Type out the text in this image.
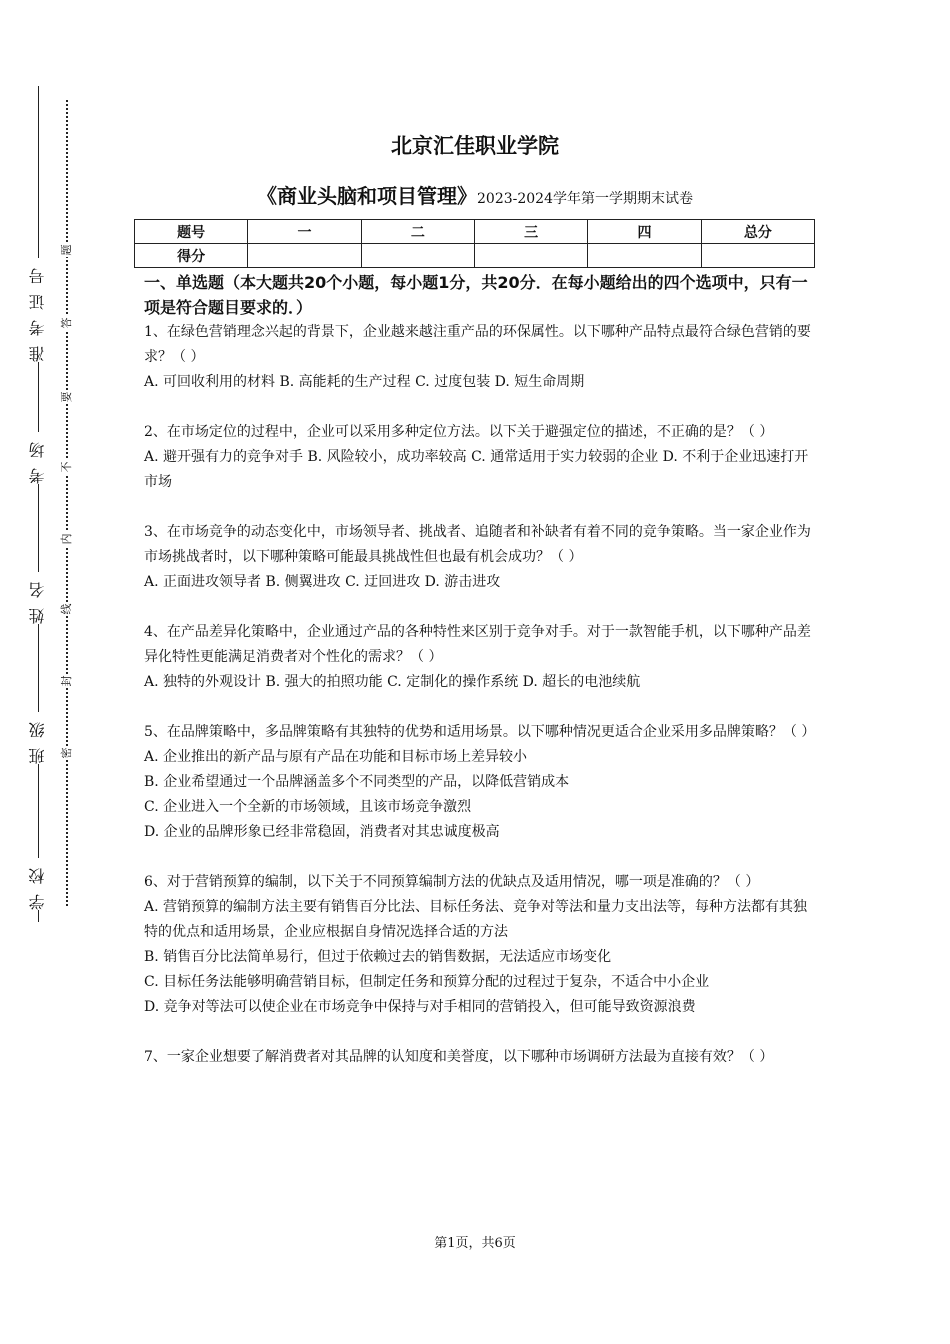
学校
班级
姓名
考场
准考证号
题
答
要
不
内
线
封
密
北京汇佳职业学院
《商业头脑和项目管理》2023-2024学年第一学期期末试卷
题号	一	二	三	四	总分
得分					
一、单选题（本大题共20个小题，每小题1分，共20分．在每小题给出的四个选项中，只有一项是符合题目要求的．）

1、在绿色营销理念兴起的背景下，企业越来越注重产品的环保属性。以下哪种产品特点最符合绿色营销的要求？（ ）

A. 可回收利用的材料 B. 高能耗的生产过程 C. 过度包装 D. 短生命周期

2、在市场定位的过程中，企业可以采用多种定位方法。以下关于避强定位的描述，不正确的是？（ ）

A. 避开强有力的竞争对手 B. 风险较小，成功率较高 C. 通常适用于实力较弱的企业 D. 不利于企业迅速打开市场

3、在市场竞争的动态变化中，市场领导者、挑战者、追随者和补缺者有着不同的竞争策略。当一家企业作为市场挑战者时，以下哪种策略可能最具挑战性但也最有机会成功？（ ）

A. 正面进攻领导者 B. 侧翼进攻 C. 迂回进攻 D. 游击进攻

4、在产品差异化策略中，企业通过产品的各种特性来区别于竞争对手。对于一款智能手机，以下哪种产品差异化特性更能满足消费者对个性化的需求？（ ）

A. 独特的外观设计 B. 强大的拍照功能 C. 定制化的操作系统 D. 超长的电池续航

5、在品牌策略中，多品牌策略有其独特的优势和适用场景。以下哪种情况更适合企业采用多品牌策略？（ ）

A. 企业推出的新产品与原有产品在功能和目标市场上差异较小

B. 企业希望通过一个品牌涵盖多个不同类型的产品，以降低营销成本

C. 企业进入一个全新的市场领域，且该市场竞争激烈

D. 企业的品牌形象已经非常稳固，消费者对其忠诚度极高

6、对于营销预算的编制，以下关于不同预算编制方法的优缺点及适用情况，哪一项是准确的？（ ）

A. 营销预算的编制方法主要有销售百分比法、目标任务法、竞争对等法和量力支出法等，每种方法都有其独特的优点和适用场景，企业应根据自身情况选择合适的方法

B. 销售百分比法简单易行，但过于依赖过去的销售数据，无法适应市场变化

C. 目标任务法能够明确营销目标，但制定任务和预算分配的过程过于复杂，不适合中小企业

D. 竞争对等法可以使企业在市场竞争中保持与对手相同的营销投入，但可能导致资源浪费

7、一家企业想要了解消费者对其品牌的认知度和美誉度，以下哪种市场调研方法最为直接有效？（ ）

第1页，共6页
